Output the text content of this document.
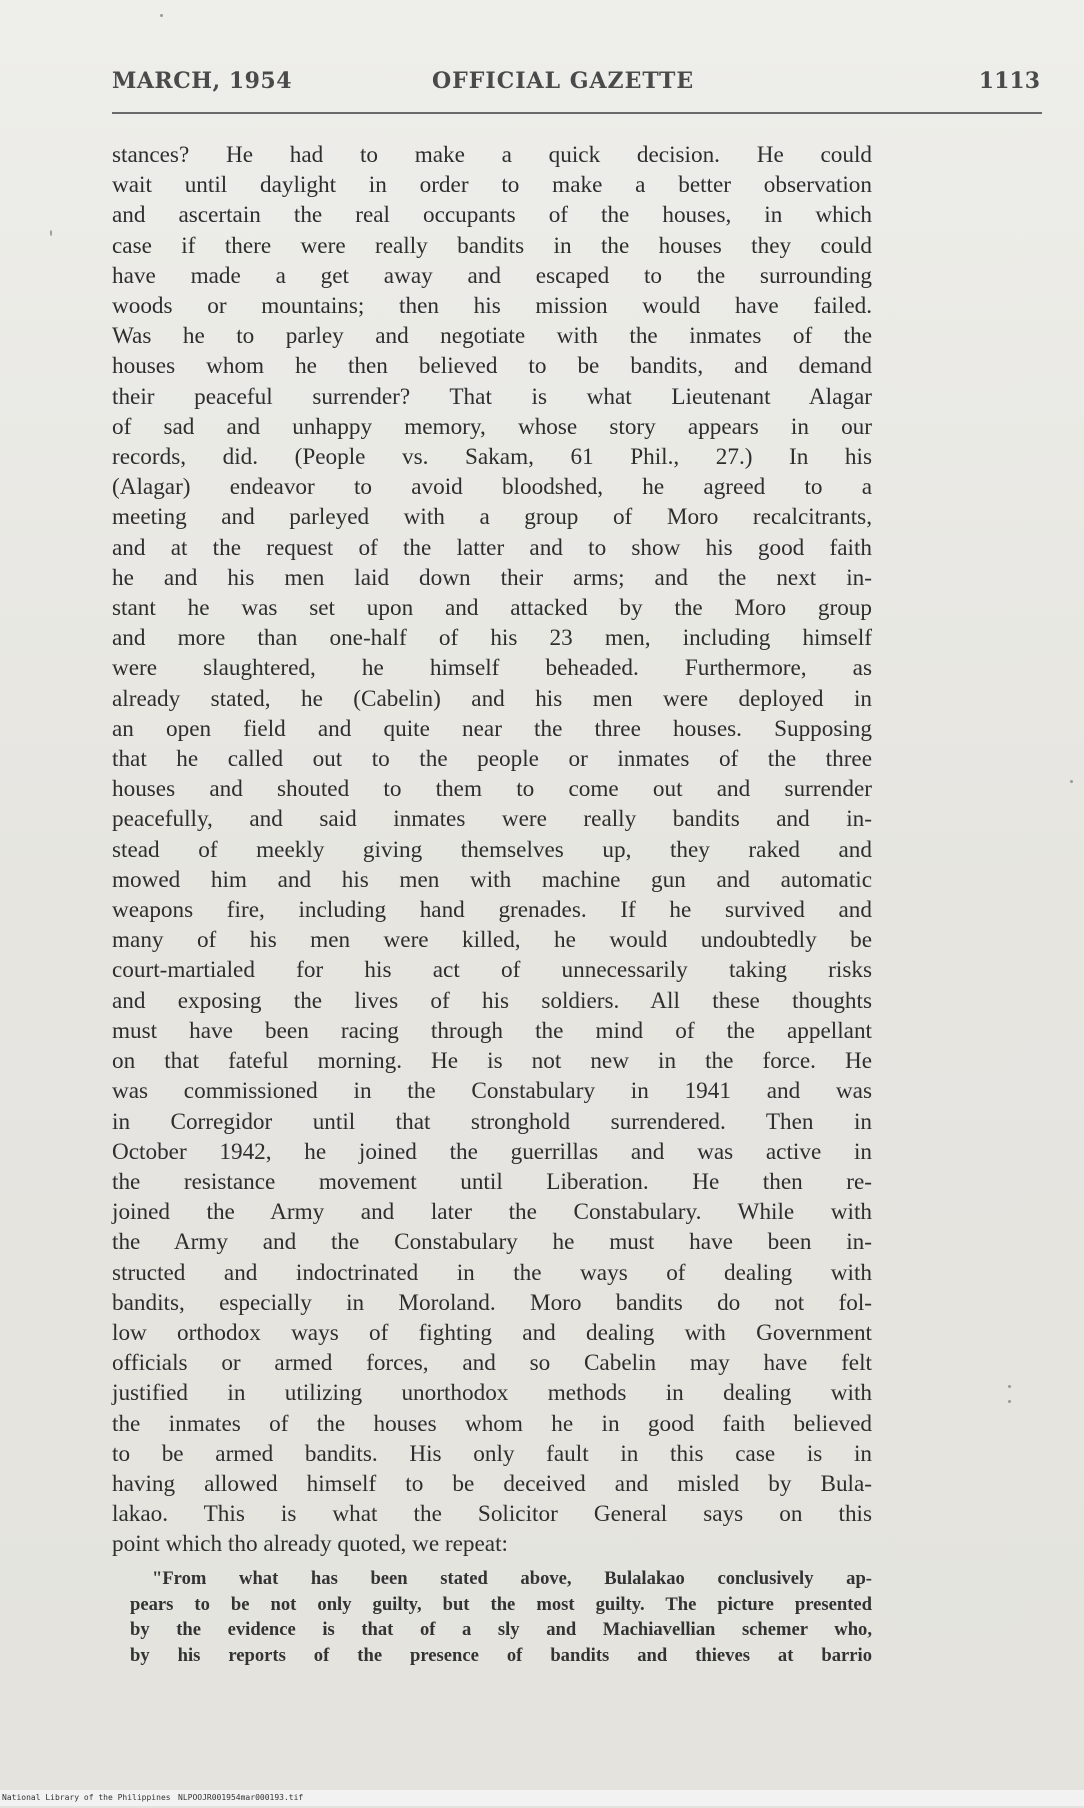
MARCH, 1954	OFFICIAL GAZETTE	1113
stances? He had to make a quick decision. He could
wait until daylight in order to make a better observation
and ascertain the real occupants of the houses, in which
case if there were really bandits in the houses they could
have made a get away and escaped to the surrounding
woods or mountains; then his mission would have failed.
Was he to parley and negotiate with the inmates of the
houses whom he then believed to be bandits, and demand
their peaceful surrender? That is what Lieutenant Alagar
of sad and unhappy memory, whose story appears in our
records, did. (People vs. Sakam, 61 Phil., 27.) In his
(Alagar) endeavor to avoid bloodshed, he agreed to a
meeting and parleyed with a group of Moro recalcitrants,
and at the request of the latter and to show his good faith
he and his men laid down their arms; and the next in-
stant he was set upon and attacked by the Moro group
and more than one-half of his 23 men, including himself
were slaughtered, he himself beheaded. Furthermore, as
already stated, he (Cabelin) and his men were deployed in
an open field and quite near the three houses. Supposing
that he called out to the people or inmates of the three
houses and shouted to them to come out and surrender
peacefully, and said inmates were really bandits and in-
stead of meekly giving themselves up, they raked and
mowed him and his men with machine gun and automatic
weapons fire, including hand grenades. If he survived and
many of his men were killed, he would undoubtedly be
court-martialed for his act of unnecessarily taking risks
and exposing the lives of his soldiers. All these thoughts
must have been racing through the mind of the appellant
on that fateful morning. He is not new in the force. He
was commissioned in the Constabulary in 1941 and was
in Corregidor until that stronghold surrendered. Then in
October 1942, he joined the guerrillas and was active in
the resistance movement until Liberation. He then re-
joined the Army and later the Constabulary. While with
the Army and the Constabulary he must have been in-
structed and indoctrinated in the ways of dealing with
bandits, especially in Moroland. Moro bandits do not fol-
low orthodox ways of fighting and dealing with Government
officials or armed forces, and so Cabelin may have felt
justified in utilizing unorthodox methods in dealing with
the inmates of the houses whom he in good faith believed
to be armed bandits. His only fault in this case is in
having allowed himself to be deceived and misled by Bula-
lakao. This is what the Solicitor General says on this
point which tho already quoted, we repeat:
"From what has been stated above, Bulalakao conclusively ap-
pears to be not only guilty, but the most guilty. The picture presented
by the evidence is that of a sly and Machiavellian schemer who,
by his reports of the presence of bandits and thieves at barrio
National Library of the Philippines NLPOOJR001954mar000193.tif
